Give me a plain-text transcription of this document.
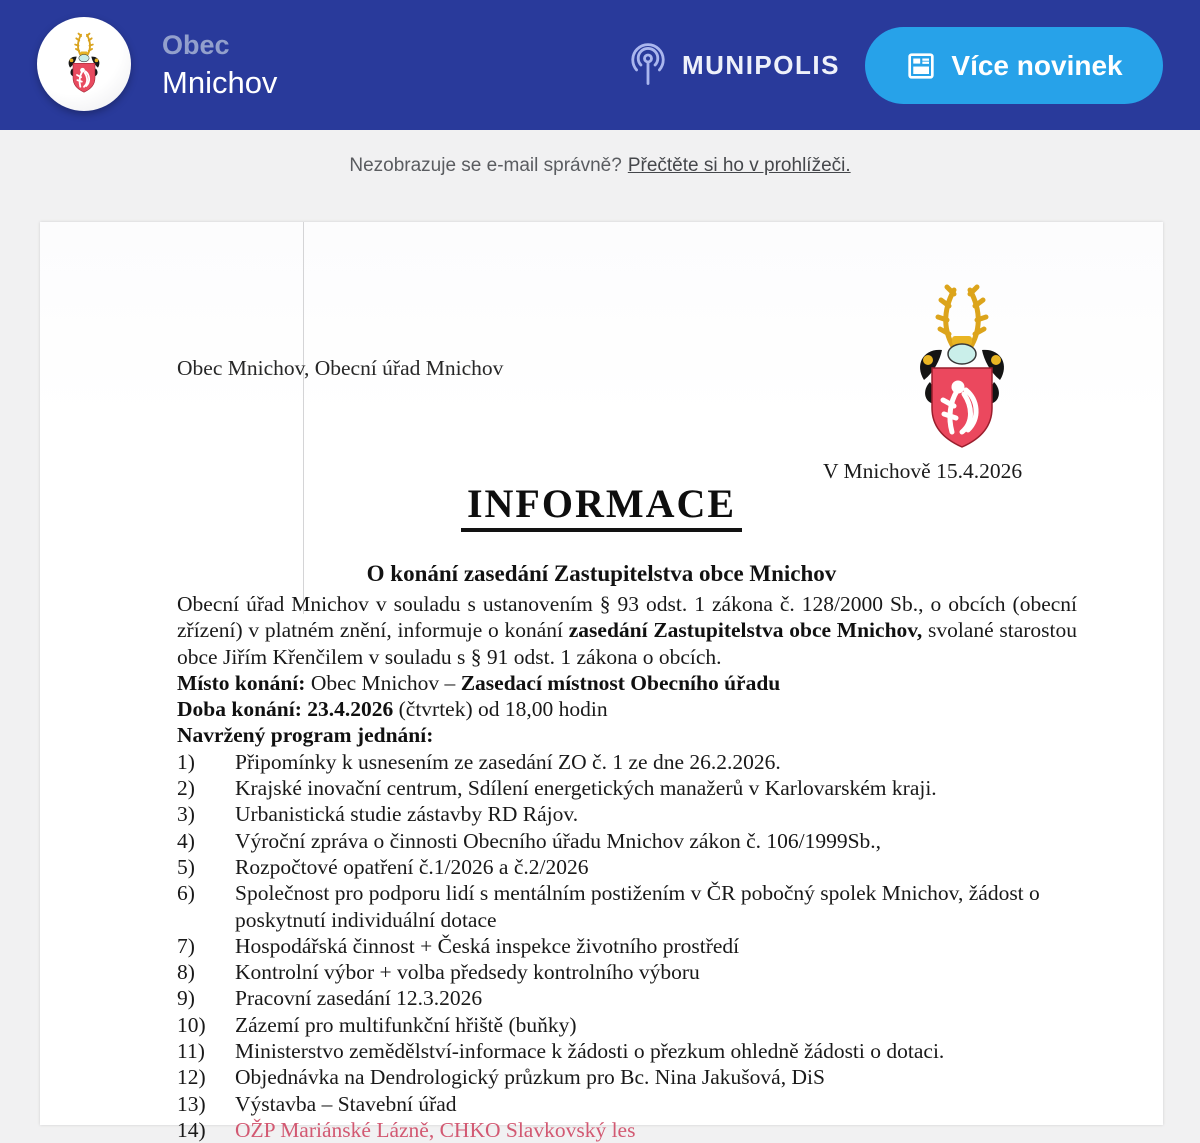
Obec
Mnichov
MUNIPOLIS	Více novinek
Nezobrazuje se e-mail správně? Přečtěte si ho v prohlížeči.
Obec Mnichov, Obecní úřad Mnichov
V Mnichově 15.4.2026
INFORMACE
O konání zasedání Zastupitelstva obce Mnichov

Obecní úřad Mnichov v souladu s ustanovením § 93 odst. 1 zákona č. 128/2000 Sb., o obcích (obecní zřízení) v platném znění, informuje o konání zasedání Zastupitelstva obce Mnichov, svolané starostou obce Jiřím Křenčilem v souladu s § 91 odst. 1 zákona o obcích.

Místo konání: Obec Mnichov – Zasedací místnost Obecního úřadu

Doba konání: 23.4.2026 (čtvrtek) od 18,00 hodin

Navržený program jednání:

1)	Připomínky k usnesením ze zasedání ZO č. 1 ze dne 26.2.2026.
2)	Krajské inovační centrum, Sdílení energetických manažerů v Karlovarském kraji.
3)	Urbanistická studie zástavby RD Rájov.
4)	Výroční zpráva o činnosti Obecního úřadu Mnichov zákon č. 106/1999Sb.,
5)	Rozpočtové opatření č.1/2026 a č.2/2026
6)	Společnost pro podporu lidí s mentálním postižením v ČR pobočný spolek Mnichov, žádost o poskytnutí individuální dotace
7)	Hospodářská činnost + Česká inspekce životního prostředí
8)	Kontrolní výbor + volba předsedy kontrolního výboru
9)	Pracovní zasedání 12.3.2026
10)	Zázemí pro multifunkční hřiště (buňky)
11)	Ministerstvo zemědělství-informace k žádosti o přezkum ohledně žádosti o dotaci.
12)	Objednávka na Dendrologický průzkum pro Bc. Nina Jakušová, DiS
13)	Výstavba – Stavební úřad
14)	OŽP Mariánské Lázně, CHKO Slavkovský les
